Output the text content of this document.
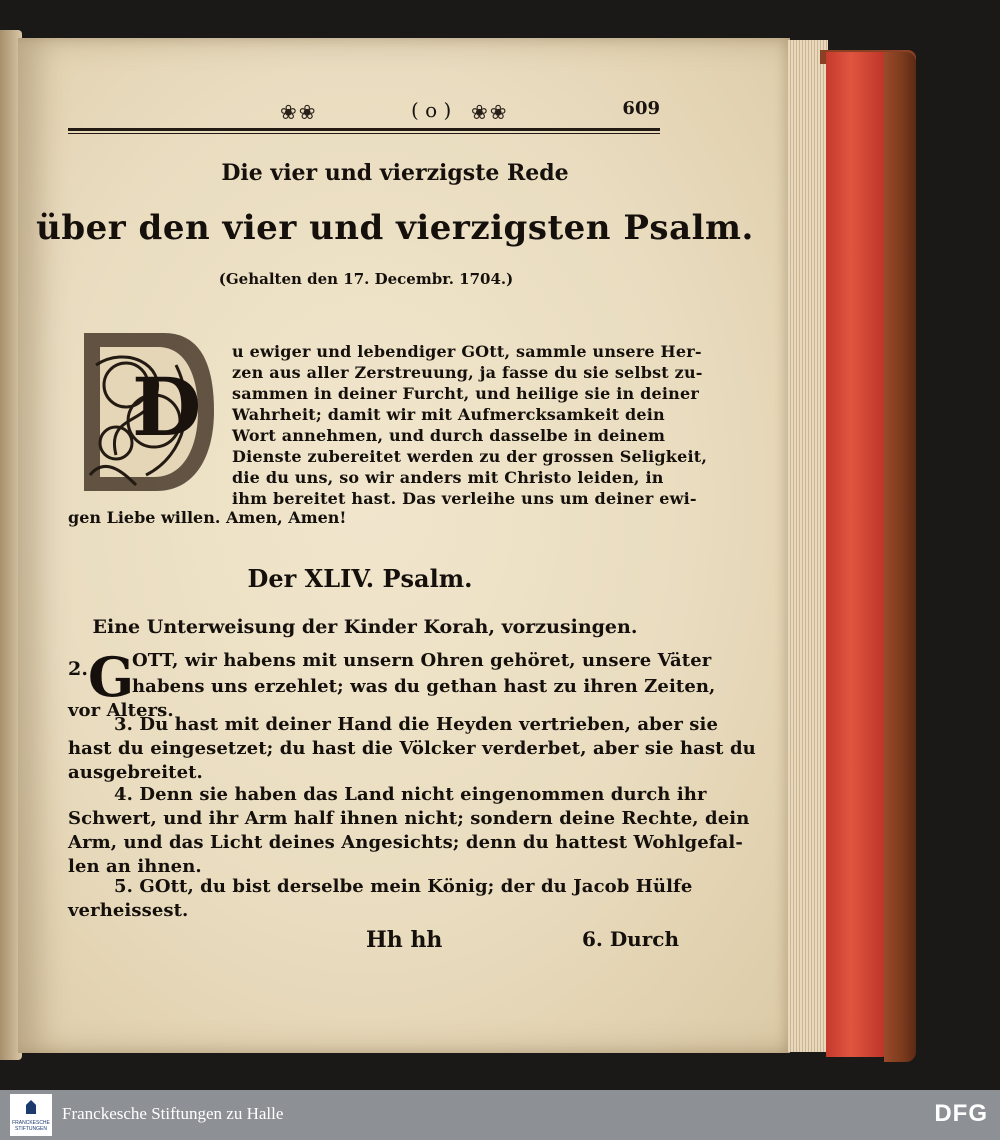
❀❀	( o ) ❀❀	609
Die vier und vierzigste Rede
über den vier und vierzigsten Psalm.
(Gehalten den 17. Decembr. 1704.)
D
u ewiger und lebendiger GOtt, sammle unsere Her-
zen aus aller Zerstreuung, ja fasse du sie selbst zu-
sammen in deiner Furcht, und heilige sie in deiner
Wahrheit; damit wir mit Aufmercksamkeit dein
Wort annehmen, und durch dasselbe in deinem
Dienste zubereitet werden zu der grossen Seligkeit,
die du uns, so wir anders mit Christo leiden, in
ihm bereitet hast. Das verleihe uns um deiner ewi-
gen Liebe willen. Amen, Amen!
Der XLIV. Psalm.
Eine Unterweisung der Kinder Korah, vorzusingen.
2. G
OTT, wir habens mit unsern Ohren gehöret, unsere Väter
habens uns erzehlet; was du gethan hast zu ihren Zeiten,
vor Alters.
3. Du hast mit deiner Hand die Heyden vertrieben, aber sie
hast du eingesetzet; du hast die Völcker verderbet, aber sie hast du
ausgebreitet.
4. Denn sie haben das Land nicht eingenommen durch ihr
Schwert, und ihr Arm half ihnen nicht; sondern deine Rechte, dein
Arm, und das Licht deines Angesichts; denn du hattest Wohlgefal-
len an ihnen.
5. GOtt, du bist derselbe mein König; der du Jacob Hülfe
verheissest.
Hh hh	6. Durch
FRANCKESCHE STIFTUNGEN
Franckesche Stiftungen zu Halle	DFG
